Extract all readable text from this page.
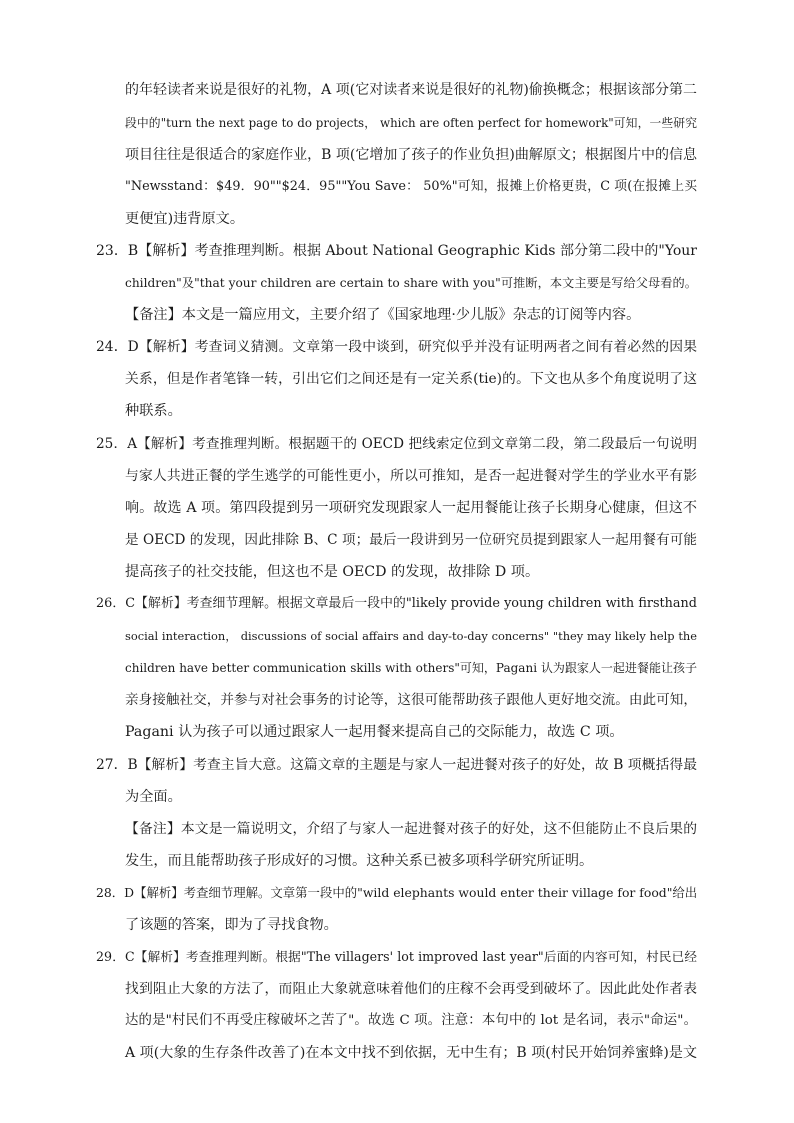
的年轻读者来说是很好的礼物，A 项(它对读者来说是很好的礼物)偷换概念；根据该部分第二
段中的"turn the next page to do projects， which are often perfect for homework"可知，一些研究
项目往往是很适合的家庭作业，B 项(它增加了孩子的作业负担)曲解原文；根据图片中的信息
"Newsstand：$49．90""$24．95""You Save： 50%"可知，报摊上价格更贵，C 项(在报摊上买
更便宜)违背原文。
23．B【解析】考查推理判断。根据 About National Geographic Kids 部分第二段中的"Your
children"及"that your children are certain to share with you"可推断，本文主要是写给父母看的。
【备注】本文是一篇应用文，主要介绍了《国家地理·少儿版》杂志的订阅等内容。
24．D【解析】考查词义猜测。文章第一段中谈到，研究似乎并没有证明两者之间有着必然的因果
关系，但是作者笔锋一转，引出它们之间还是有一定关系(tie)的。下文也从多个角度说明了这
种联系。
25．A【解析】考查推理判断。根据题干的 OECD 把线索定位到文章第二段，第二段最后一句说明
与家人共进正餐的学生逃学的可能性更小，所以可推知，是否一起进餐对学生的学业水平有影
响。故选 A 项。第四段提到另一项研究发现跟家人一起用餐能让孩子长期身心健康，但这不
是 OECD 的发现，因此排除 B、C 项；最后一段讲到另一位研究员提到跟家人一起用餐有可能
提高孩子的社交技能，但这也不是 OECD 的发现，故排除 D 项。
26．C【解析】考查细节理解。根据文章最后一段中的"likely provide young children with firsthand
social interaction， discussions of social affairs and day-to-day concerns" "they may likely help the
children have better communication skills with others"可知，Pagani 认为跟家人一起进餐能让孩子
亲身接触社交，并参与对社会事务的讨论等，这很可能帮助孩子跟他人更好地交流。由此可知，
Pagani 认为孩子可以通过跟家人一起用餐来提高自己的交际能力，故选 C 项。
27．B【解析】考查主旨大意。这篇文章的主题是与家人一起进餐对孩子的好处，故 B 项概括得最
为全面。
【备注】本文是一篇说明文，介绍了与家人一起进餐对孩子的好处，这不但能防止不良后果的
发生，而且能帮助孩子形成好的习惯。这种关系已被多项科学研究所证明。
28．D【解析】考查细节理解。文章第一段中的"wild elephants would enter their village for food"给出
了该题的答案，即为了寻找食物。
29．C【解析】考查推理判断。根据"The villagers' lot improved last year"后面的内容可知，村民已经
找到阻止大象的方法了，而阻止大象就意味着他们的庄稼不会再受到破坏了。因此此处作者表
达的是"村民们不再受庄稼破坏之苦了"。故选 C 项。注意：本句中的 lot 是名词，表示"命运"。
A 项(大象的生存条件改善了)在本文中找不到依据，无中生有；B 项(村民开始饲养蜜蜂)是文
